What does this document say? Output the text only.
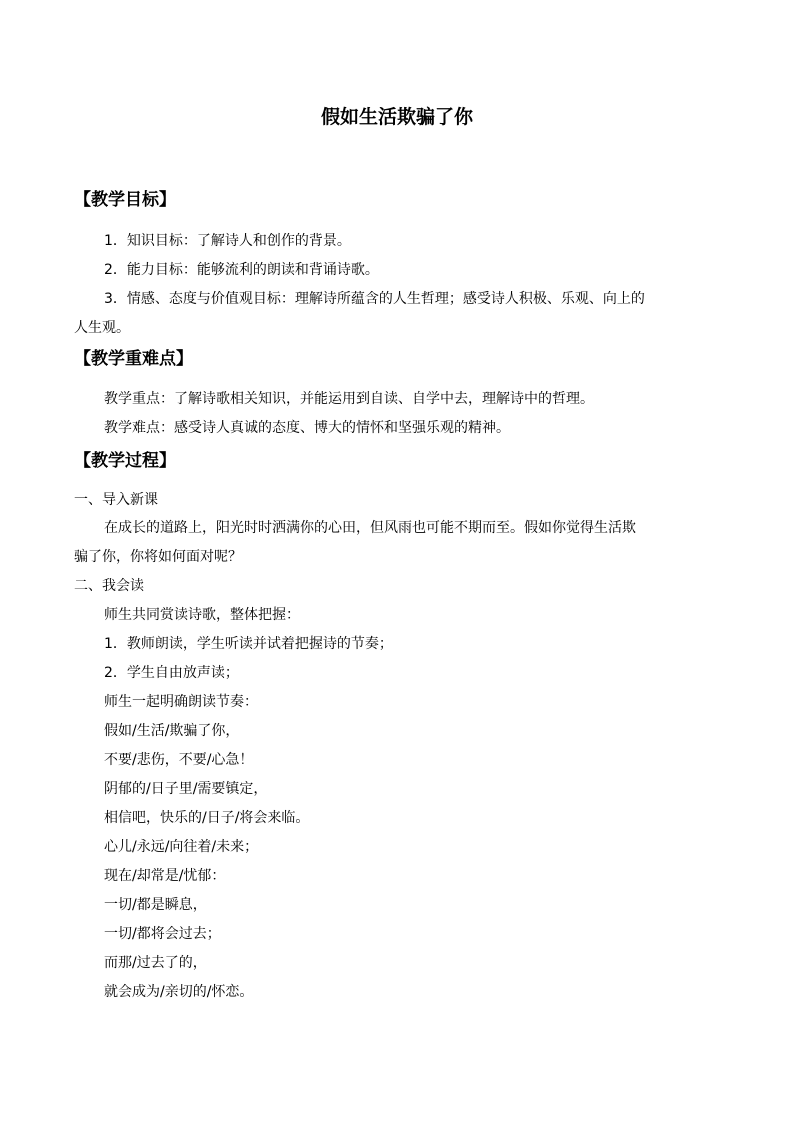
假如生活欺骗了你
【教学目标】
1．知识目标：了解诗人和创作的背景。
2．能力目标：能够流利的朗读和背诵诗歌。
3．情感、态度与价值观目标：理解诗所蕴含的人生哲理；感受诗人积极、乐观、向上的
人生观。
【教学重难点】
教学重点：了解诗歌相关知识，并能运用到自读、自学中去，理解诗中的哲理。
教学难点：感受诗人真诚的态度、博大的情怀和坚强乐观的精神。
【教学过程】
一、导入新课
在成长的道路上，阳光时时洒满你的心田，但风雨也可能不期而至。假如你觉得生活欺
骗了你，你将如何面对呢？
二、我会读
师生共同赏读诗歌，整体把握：
1．教师朗读，学生听读并试着把握诗的节奏；
2．学生自由放声读；
师生一起明确朗读节奏：
假如/生活/欺骗了你，
不要/悲伤，不要/心急！
阴郁的/日子里/需要镇定，
相信吧，快乐的/日子/将会来临。
心儿/永远/向往着/未来；
现在/却常是/忧郁：
一切/都是瞬息，
一切/都将会过去；
而那/过去了的，
就会成为/亲切的/怀恋。
